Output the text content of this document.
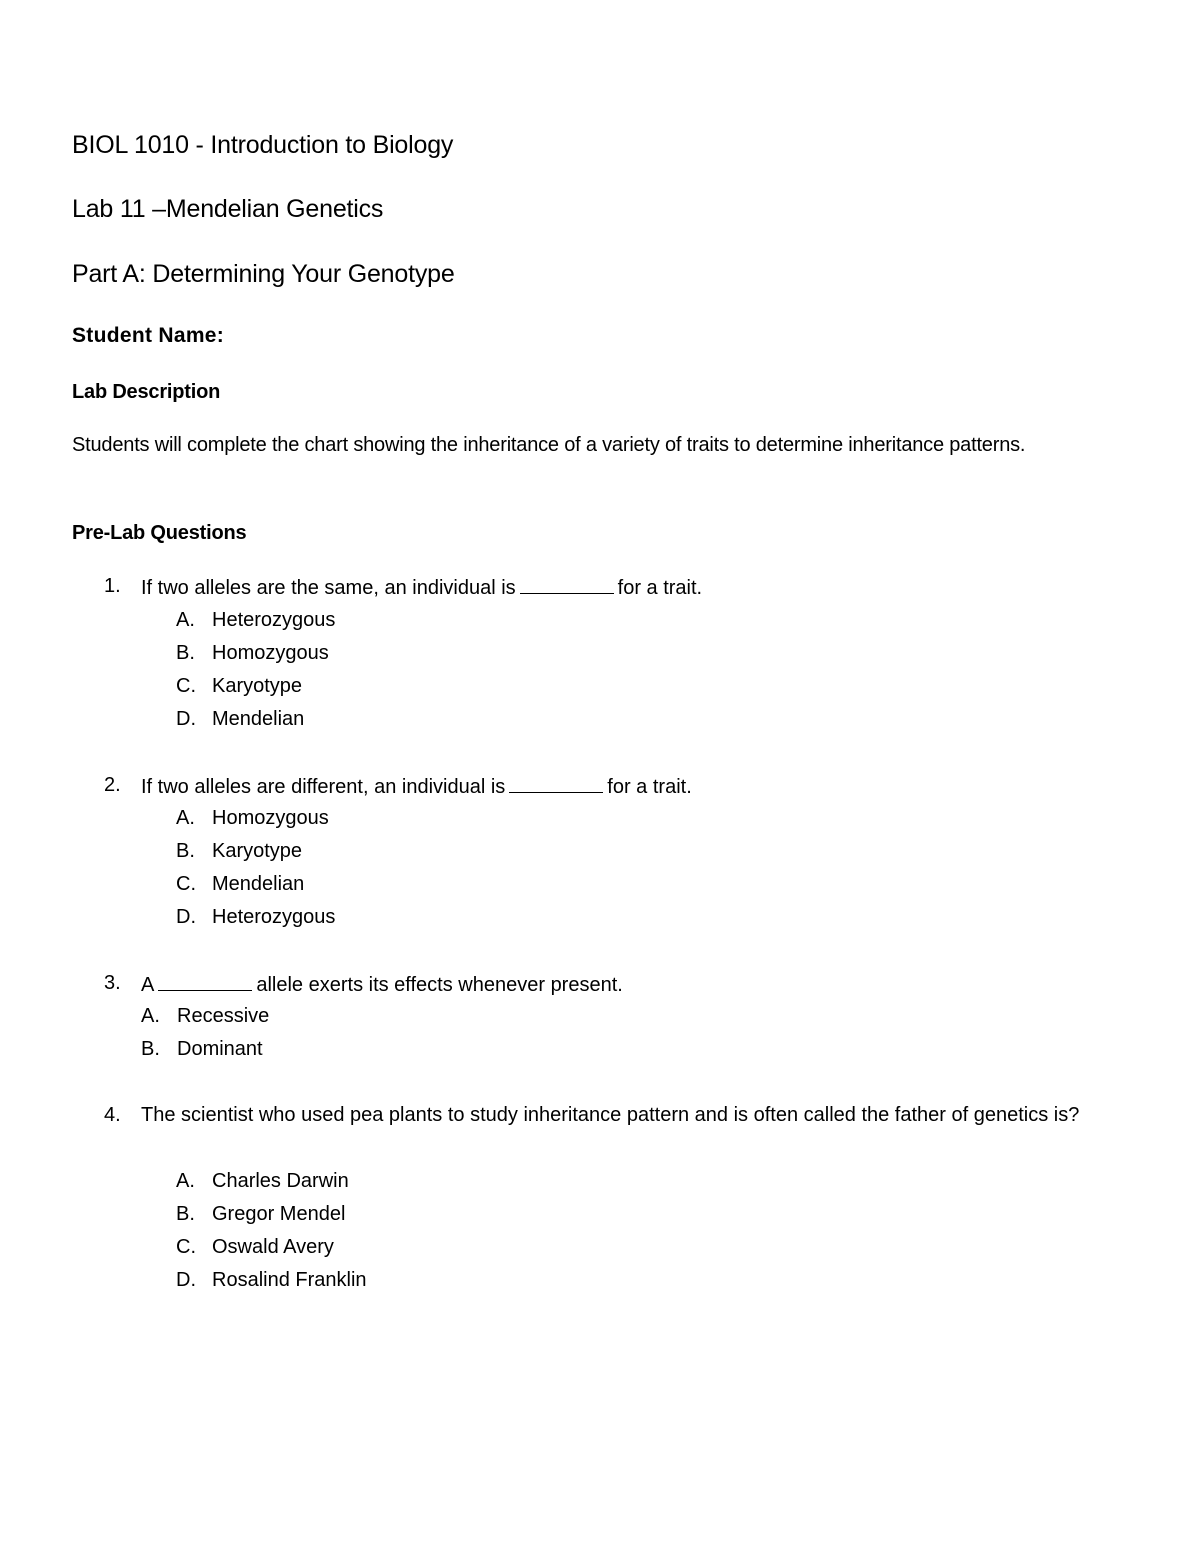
BIOL 1010 - Introduction to Biology
Lab 11 –Mendelian Genetics
Part A: Determining Your Genotype
Student Name:
Lab Description
Students will complete the chart showing the inheritance of a variety of traits to determine inheritance patterns.
Pre-Lab Questions
1. If two alleles are the same, an individual is	for a trait.
A. Heterozygous
B. Homozygous
C. Karyotype
D. Mendelian
2. If two alleles are different, an individual is	for a trait.
A. Homozygous
B. Karyotype
C. Mendelian
D. Heterozygous
3. A	allele exerts its effects whenever present.
A. Recessive
B. Dominant
4. The scientist who used pea plants to study inheritance pattern and is often called the father of genetics is?
A. Charles Darwin
B. Gregor Mendel
C. Oswald Avery
D. Rosalind Franklin
